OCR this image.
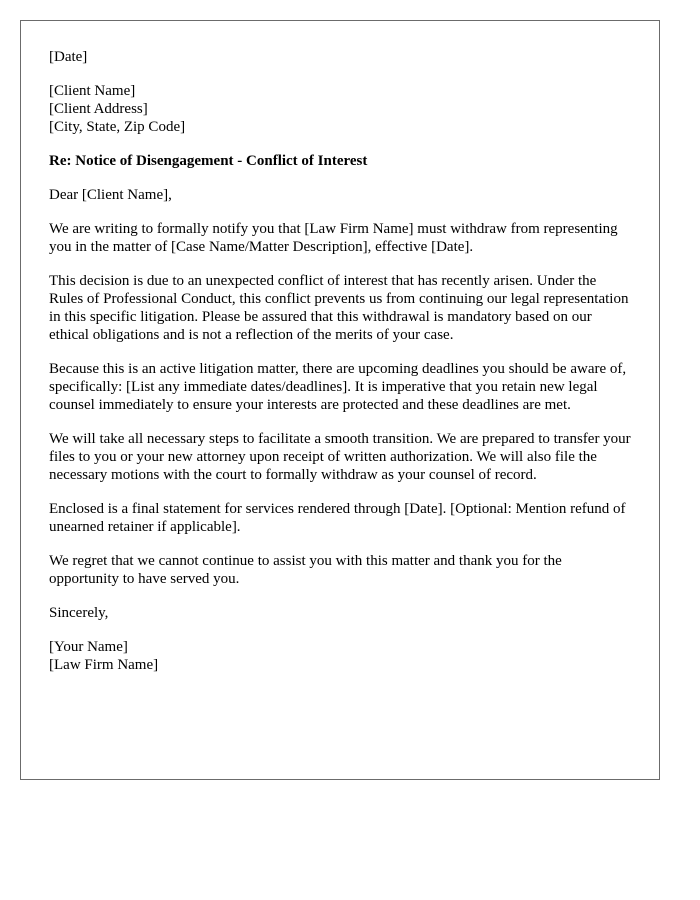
[Date]
[Client Name]
[Client Address]
[City, State, Zip Code]
Re: Notice of Disengagement - Conflict of Interest
Dear [Client Name],

We are writing to formally notify you that [Law Firm Name] must withdraw from representing you in the matter of [Case Name/Matter Description], effective [Date].

This decision is due to an unexpected conflict of interest that has recently arisen. Under the Rules of Professional Conduct, this conflict prevents us from continuing our legal representation in this specific litigation. Please be assured that this withdrawal is mandatory based on our ethical obligations and is not a reflection of the merits of your case.

Because this is an active litigation matter, there are upcoming deadlines you should be aware of, specifically: [List any immediate dates/deadlines]. It is imperative that you retain new legal counsel immediately to ensure your interests are protected and these deadlines are met.

We will take all necessary steps to facilitate a smooth transition. We are prepared to transfer your files to you or your new attorney upon receipt of written authorization. We will also file the necessary motions with the court to formally withdraw as your counsel of record.

Enclosed is a final statement for services rendered through [Date]. [Optional: Mention refund of unearned retainer if applicable].

We regret that we cannot continue to assist you with this matter and thank you for the opportunity to have served you.

Sincerely,
[Your Name]
[Law Firm Name]
